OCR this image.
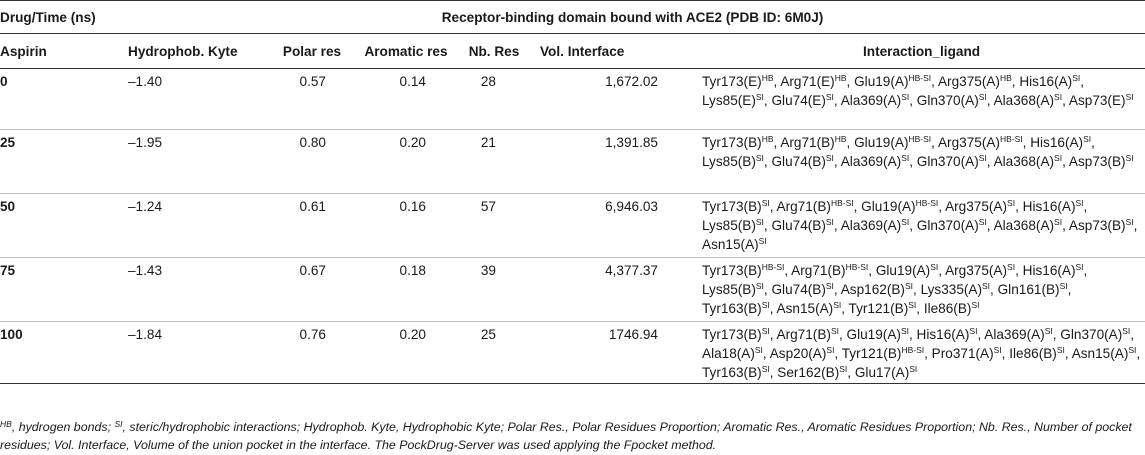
Drug/Time (ns)	Receptor-binding domain bound with ACE2 (PDB ID: 6M0J)					
Aspirin	Hydrophob. Kyte	Polar res	Aromatic res	Nb. Res	Vol. Interface	Interaction_ligand
0	–1.40	0.57	0.14	28	1,672.02	$Tyr173(E)^{HB}$, $Arg71(E)^{HB}$, $Glu19(A)^{HB-SI}$, $Arg375(A)^{HB}$, $His16(A)^{SI}$, $Lys85(E)^{SI}$, $Glu74(E)^{SI}$, $Ala369(A)^{SI}$, $Gln370(A)^{SI}$, $Ala368(A)^{SI}$, $Asp73(E)^{SI}$
25	–1.95	0.80	0.20	21	1,391.85	$Tyr173(B)^{HB}$, $Arg71(B)^{HB}$, $Glu19(A)^{HB-SI}$, $Arg375(A)^{HB-SI}$, $His16(A)^{SI}$, $Lys85(B)^{SI}$, $Glu74(B)^{SI}$, $Ala369(A)^{SI}$, $Gln370(A)^{SI}$, $Ala368(A)^{SI}$, $Asp73(B)^{SI}$
50	–1.24	0.61	0.16	57	6,946.03	$Tyr173(B)^{SI}$, $Arg71(B)^{HB-SI}$, $Glu19(A)^{HB-SI}$, $Arg375(A)^{SI}$, $His16(A)^{SI}$, $Lys85(B)^{SI}$, $Glu74(B)^{SI}$, $Ala369(A)^{SI}$, $Gln370(A)^{SI}$, $Ala368(A)^{SI}$, $Asp73(B)^{SI}$, $Asn15(A)^{SI}$
75	–1.43	0.67	0.18	39	4,377.37	$Tyr173(B)^{HB-SI}$, $Arg71(B)^{HB-SI}$, $Glu19(A)^{SI}$, $Arg375(A)^{SI}$, $His16(A)^{SI}$, $Lys85(B)^{SI}$, $Glu74(B)^{SI}$, $Asp162(B)^{SI}$, $Lys335(A)^{SI}$, $Gln161(B)^{SI}$, $Tyr163(B)^{SI}$, $Asn15(A)^{SI}$, $Tyr121(B)^{SI}$, $Ile86(B)^{SI}$
100	–1.84	0.76	0.20	25	1746.94	$Tyr173(B)^{SI}$, $Arg71(B)^{SI}$, $Glu19(A)^{SI}$, $His16(A)^{SI}$, $Ala369(A)^{SI}$, $Gln370(A)^{SI}$, $Ala18(A)^{SI}$, $Asp20(A)^{SI}$, $Tyr121(B)^{HB-SI}$, $Pro371(A)^{SI}$, $Ile86(B)^{SI}$, $Asn15(A)^{SI}$, $Tyr163(B)^{SI}$, $Ser162(B)^{SI}$, $Glu17(A)^{SI}$
$^{HB}$, hydrogen bonds; $^{SI}$, steric/hydrophobic interactions; Hydrophob. Kyte, Hydrophobic Kyte; Polar Res., Polar Residues Proportion; Aromatic Res., Aromatic Residues Proportion; Nb. Res., Number of pocket residues; Vol. Interface, Volume of the union pocket in the interface. The PockDrug-Server was used applying the Fpocket method.
